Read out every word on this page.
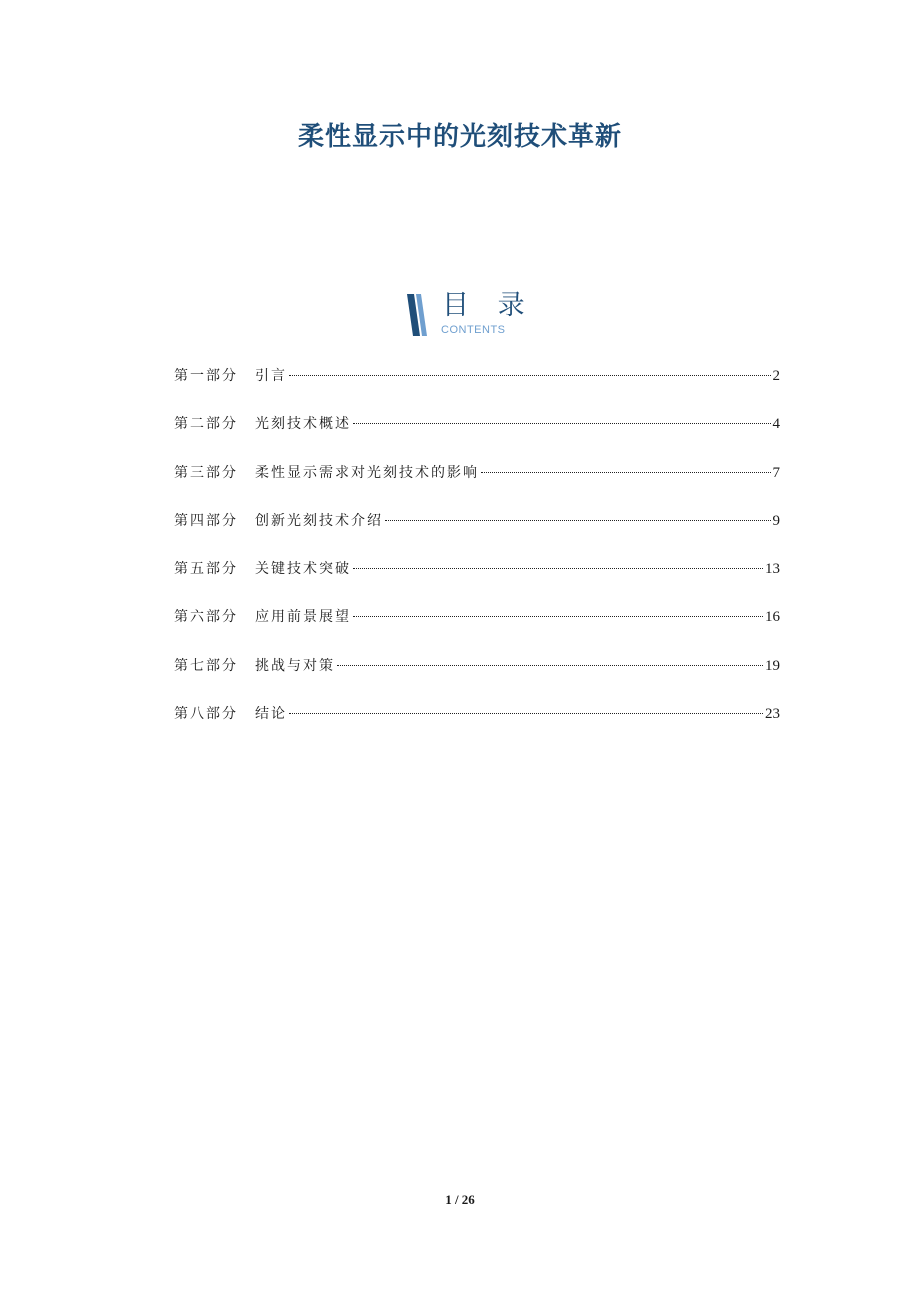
柔性显示中的光刻技术革新
目 录
CONTENTS
第一部分	引言	2
第二部分	光刻技术概述	4
第三部分	柔性显示需求对光刻技术的影响	7
第四部分	创新光刻技术介绍	9
第五部分	关键技术突破	13
第六部分	应用前景展望	16
第七部分	挑战与对策	19
第八部分	结论	23
1 / 26
